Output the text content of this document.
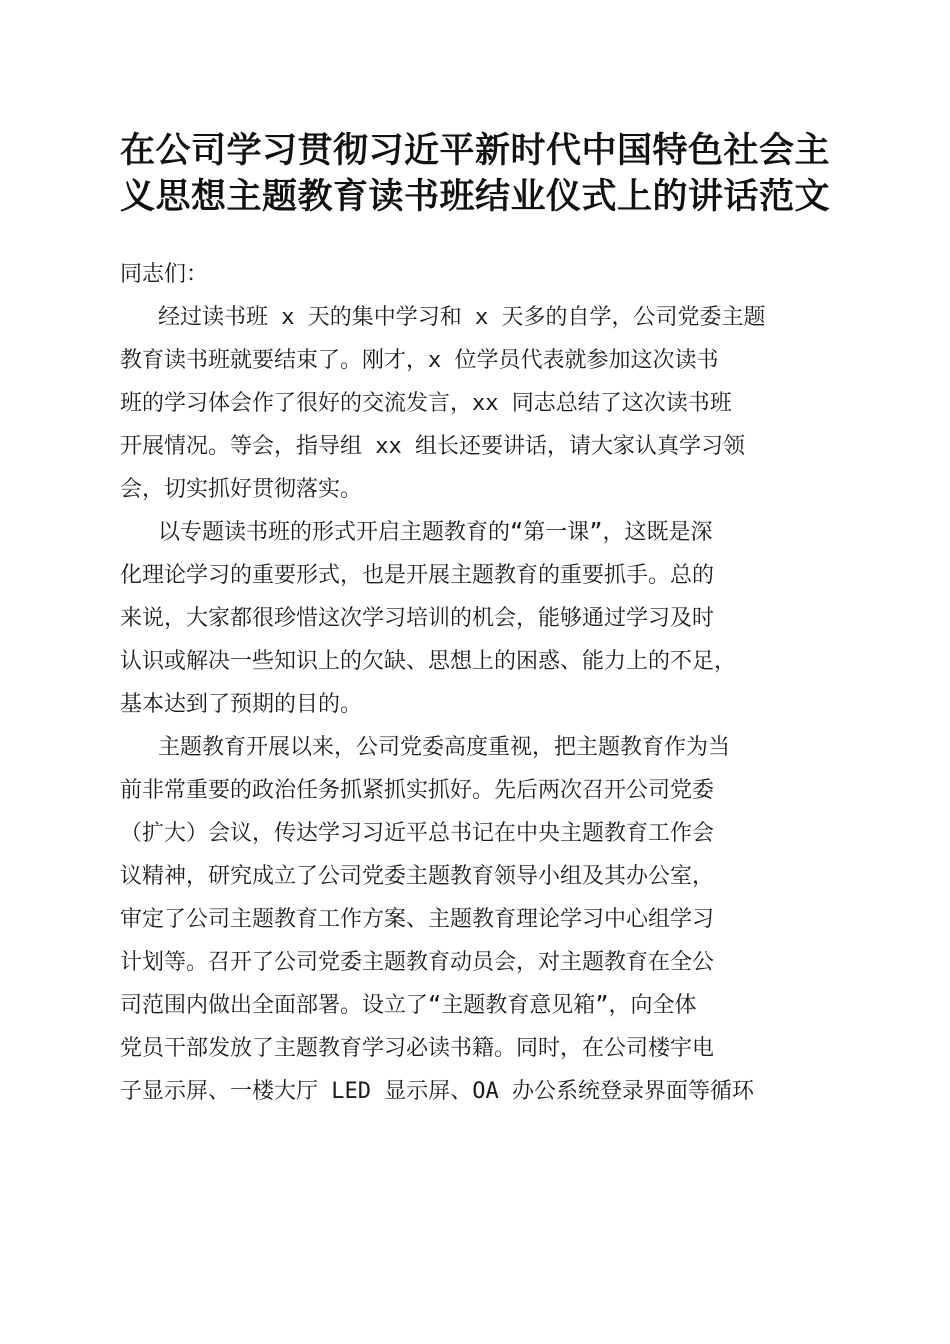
在公司学习贯彻习近平新时代中国特色社会主
义思想主题教育读书班结业仪式上的讲话范文

同志们：

经过读书班 x 天的集中学习和 x 天多的自学，公司党委主题
教育读书班就要结束了。刚才，x 位学员代表就参加这次读书
班的学习体会作了很好的交流发言，xx 同志总结了这次读书班
开展情况。等会，指导组 xx 组长还要讲话，请大家认真学习领
会，切实抓好贯彻落实。

以专题读书班的形式开启主题教育的“第一课”，这既是深
化理论学习的重要形式，也是开展主题教育的重要抓手。总的
来说，大家都很珍惜这次学习培训的机会，能够通过学习及时
认识或解决一些知识上的欠缺、思想上的困惑、能力上的不足，
基本达到了预期的目的。

主题教育开展以来，公司党委高度重视，把主题教育作为当
前非常重要的政治任务抓紧抓实抓好。先后两次召开公司党委
（扩大）会议，传达学习习近平总书记在中央主题教育工作会
议精神，研究成立了公司党委主题教育领导小组及其办公室，
审定了公司主题教育工作方案、主题教育理论学习中心组学习
计划等。召开了公司党委主题教育动员会，对主题教育在全公
司范围内做出全面部署。设立了“主题教育意见箱”，向全体
党员干部发放了主题教育学习必读书籍。同时，在公司楼宇电
子显示屏、一楼大厅 LED 显示屏、OA 办公系统登录界面等循环
